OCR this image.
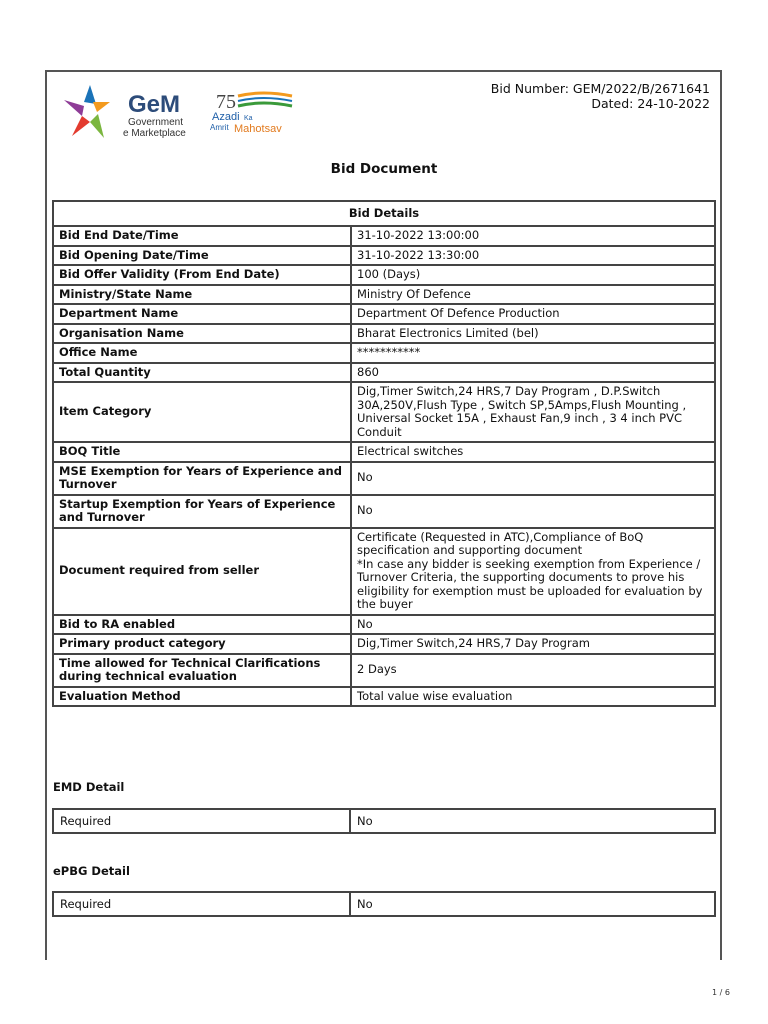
GeM
Government
e Marketplace
75
Azadi Ka
Amrit Mahotsav
Bid Number: GEM/2022/B/2671641
Dated: 24-10-2022
Bid Document
Bid Details	
Bid End Date/Time	31-10-2022 13:00:00
Bid Opening Date/Time	31-10-2022 13:30:00
Bid Offer Validity (From End Date)	100 (Days)
Ministry/State Name	Ministry Of Defence
Department Name	Department Of Defence Production
Organisation Name	Bharat Electronics Limited (bel)
Office Name	***********
Total Quantity	860
Item Category	Dig,Timer Switch,24 HRS,7 Day Program , D.P.Switch 30A,250V,Flush Type , Switch SP,5Amps,Flush Mounting , Universal Socket 15A , Exhaust Fan,9 inch , 3 4 inch PVC Conduit
BOQ Title	Electrical switches
MSE Exemption for Years of Experience and Turnover	No
Startup Exemption for Years of Experience and Turnover	No
Document required from seller	Certificate (Requested in ATC),Compliance of BoQ specification and supporting document
*In case any bidder is seeking exemption from Experience / Turnover Criteria, the supporting documents to prove his eligibility for exemption must be uploaded for evaluation by the buyer

Bid to RA enabled	No
Primary product category	Dig,Timer Switch,24 HRS,7 Day Program
Time allowed for Technical Clarifications during technical evaluation	2 Days
Evaluation Method	Total value wise evaluation
EMD Detail
Required	No
ePBG Detail
Required	No
1 / 6
